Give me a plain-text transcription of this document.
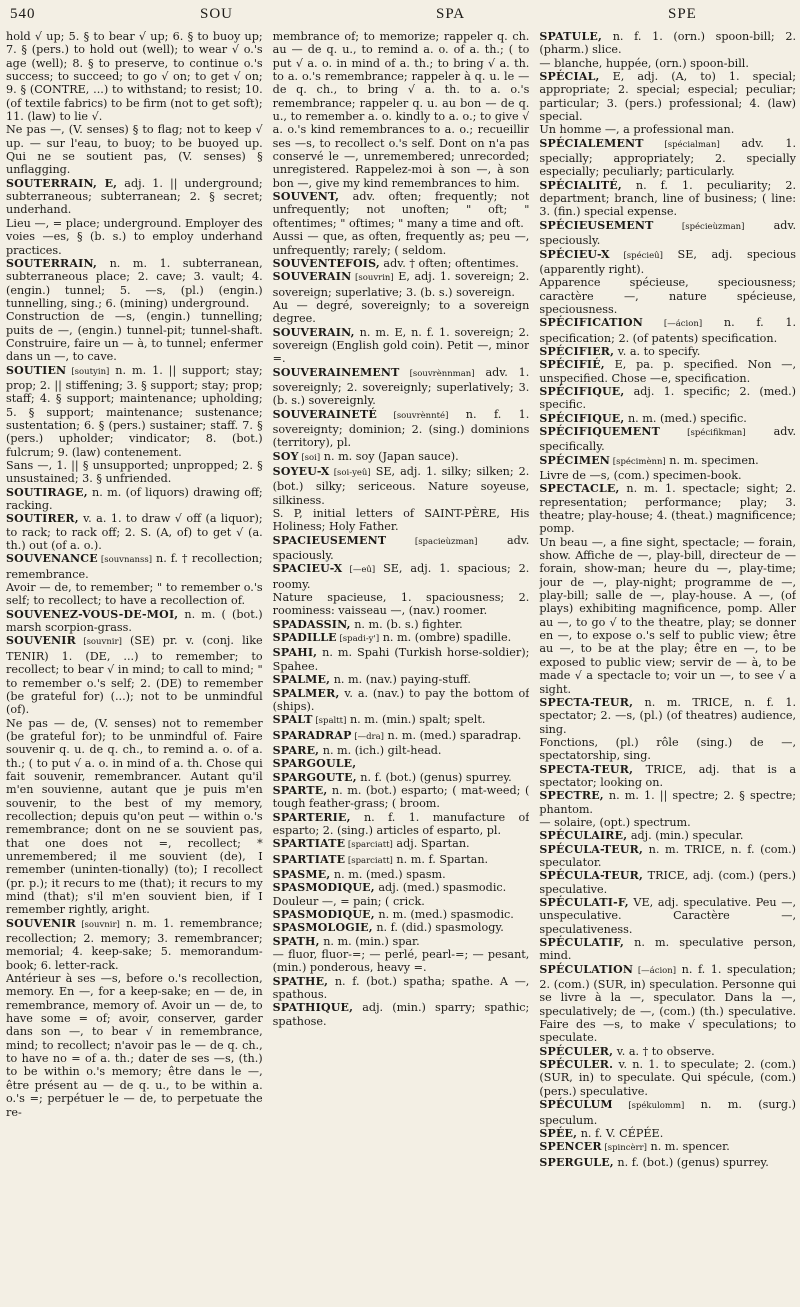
540	SOU	SPA	SPE

hold √ up; 5. § to bear √ up; 6. § to buoy up; 7. § (pers.) to hold out (well); to wear √ o.'s age (well); 8. § to preserve, to continue o.'s success; to succeed; to go √ on; to get √ on; 9. § (CONTRE, ...) to withstand; to resist; 10. (of textile fabrics) to be firm (not to get soft); 11. (law) to lie √.

Ne pas —, (V. senses) § to flag; not to keep √ up. — sur l'eau, to buoy; to be buoyed up. Qui ne se soutient pas, (V. senses) § unflagging.

SOUTERRAIN, E, adj. 1. || underground; subterraneous; subterranean; 2. § secret; underhand.

Lieu —, = place; underground. Employer des voies —es, § (b. s.) to employ underhand practices.

SOUTERRAIN, n. m. 1. subterranean, subterraneous place; 2. cave; 3. vault; 4. (engin.) tunnel; 5. —s, (pl.) (engin.) tunnelling, sing.; 6. (mining) underground.

Construction de —s, (engin.) tunnelling; puits de —, (engin.) tunnel-pit; tunnel-shaft. Construire, faire un — à, to tunnel; enfermer dans un —, to cave.

SOUTIEN [soutyin] n. m. 1. || support; stay; prop; 2. || stiffening; 3. § support; stay; prop; staff; 4. § support; maintenance; upholding; 5. § support; maintenance; sustenance; sustentation; 6. § (pers.) sustainer; staff. 7. § (pers.) upholder; vindicator; 8. (bot.) fulcrum; 9. (law) contenement.

Sans —, 1. || § unsupported; unpropped; 2. § unsustained; 3. § unfriended.

SOUTIRAGE, n. m. (of liquors) drawing off; racking.

SOUTIRER, v. a. 1. to draw √ off (a liquor); to rack; to rack off; 2. S. (A, of) to get √ (a. th.) out (of a. o.).

SOUVENANCE [souvnanss] n. f. † recollection; remembrance.

Avoir — de, to remember; " to remember o.'s self; to recollect; to have a recollection of.

SOUVENEZ-VOUS-DE-MOI, n. m. ( (bot.) marsh scorpion-grass.

SOUVENIR [souvnir] (SE) pr. v. (conj. like TENIR) 1. (DE, ...) to remember; to recollect; to bear √ in mind; to call to mind; " to remember o.'s self; 2. (DE) to remember (be grateful for) (...); not to be unmindful (of).

Ne pas — de, (V. senses) not to remember (be grateful for); to be unmindful of. Faire souvenir q. u. de q. ch., to remind a. o. of a. th.; ( to put √ a. o. in mind of a. th. Chose qui fait souvenir, remembrancer. Autant qu'il m'en souvienne, autant que je puis m'en souvenir, to the best of my memory, recollection; depuis qu'on peut — within o.'s remembrance; dont on ne se souvient pas, that one does not =, recollect; * unremembered; il me souvient (de), I remember (uninten-tionally) (to); I recollect (pr. p.); it recurs to me (that); it recurs to my mind (that); s'il m'en souvient bien, if I remember rightly, aright.

SOUVENIR [souvnir] n. m. 1. remembrance; recollection; 2. memory; 3. remembrancer; memorial; 4. keep-sake; 5. memorandum-book; 6. letter-rack.

Antérieur à ses —s, before o.'s recollection, memory. En —, for a keep-sake; en — de, in remembrance, memory of. Avoir un — de, to have some = of; avoir, conserver, garder dans son —, to bear √ in remembrance, mind; to recollect; n'avoir pas le — de q. ch., to have no = of a. th.; dater de ses —s, (th.) to be within o.'s memory; être dans le —, être présent au — de q. u., to be within a. o.'s =; perpétuer le — de, to perpetuate the re-

membrance of; to memorize; rappeler q. ch. au — de q. u., to remind a. o. of a. th.; ( to put √ a. o. in mind of a. th.; to bring √ a. th. to a. o.'s remembrance; rappeler à q. u. le — de q. ch., to bring √ a. th. to a. o.'s remembrance; rappeler q. u. au bon — de q. u., to remember a. o. kindly to a. o.; to give √ a. o.'s kind remembrances to a. o.; recueillir ses —s, to recollect o.'s self. Dont on n'a pas conservé le —, unremembered; unrecorded; unregistered. Rappelez-moi à son —, à son bon —, give my kind remembrances to him.

SOUVENT, adv. often; frequently; not unfrequently; not unoften; " oft; " oftentimes; " oftimes; " many a time and oft.

Aussi — que, as often, frequently as; peu —, unfrequently; rarely; ( seldom.

SOUVENTEFOIS, adv. † often; oftentimes.

SOUVERAIN [souvrin] E, adj. 1. sovereign; 2. sovereign; superlative; 3. (b. s.) sovereign.

Au — degré, sovereignly; to a sovereign degree.

SOUVERAIN, n. m. E, n. f. 1. sovereign; 2. sovereign (English gold coin). Petit —, minor =.

SOUVERAINEMENT [souvrènnman] adv. 1. sovereignly; 2. sovereignly; superlatively; 3. (b. s.) sovereignly.

SOUVERAINETÉ [souvrènnté] n. f. 1. sovereignty; dominion; 2. (sing.) dominions (territory), pl.

SOY [soi] n. m. soy (Japan sauce).

SOYEU-X [soi-yeû] SE, adj. 1. silky; silken; 2. (bot.) silky; sericeous. Nature soyeuse, silkiness.

S. P, initial letters of SAINT-PÈRE, His Holiness; Holy Father.

SPACIEUSEMENT [spacieùzman] adv. spaciously.

SPACIEU-X [—eû] SE, adj. 1. spacious; 2. roomy.

Nature spacieuse, 1. spaciousness; 2. roominess: vaisseau —, (nav.) roomer.

SPADASSIN, n. m. (b. s.) fighter.

SPADILLE [spadi-y'] n. m. (ombre) spadille.

SPAHI, n. m. Spahi (Turkish horse-soldier); Spahee.

SPALME, n. m. (nav.) paying-stuff.

SPALMER, v. a. (nav.) to pay the bottom of (ships).

SPALT [spaltt] n. m. (min.) spalt; spelt.

SPARADRAP [—dra] n. m. (med.) sparadrap.

SPARE, n. m. (ich.) gilt-head.

SPARGOULE,

SPARGOUTE, n. f. (bot.) (genus) spurrey.

SPARTE, n. m. (bot.) esparto; ( mat-weed; ( tough feather-grass; ( broom.

SPARTERIE, n. f. 1. manufacture of esparto; 2. (sing.) articles of esparto, pl.

SPARTIATE [sparciatt] adj. Spartan.

SPARTIATE [sparciatt] n. m. f. Spartan.

SPASME, n. m. (med.) spasm.

SPASMODIQUE, adj. (med.) spasmodic.

Douleur —, = pain; ( crick.

SPASMODIQUE, n. m. (med.) spasmodic.

SPASMOLOGIE, n. f. (did.) spasmology.

SPATH, n. m. (min.) spar.

— fluor, fluor-=; — perlé, pearl-=; — pesant, (min.) ponderous, heavy =.

SPATHE, n. f. (bot.) spatha; spathe. A —, spathous.

SPATHIQUE, adj. (min.) sparry; spathic; spathose.

SPATULE, n. f. 1. (orn.) spoon-bill; 2. (pharm.) slice.

— blanche, huppée, (orn.) spoon-bill.

SPÉCIAL, E, adj. (A, to) 1. special; appropriate; 2. special; especial; peculiar; particular; 3. (pers.) professional; 4. (law) special.

Un homme —, a professional man.

SPÉCIALEMENT [spécialman] adv. 1. specially; appropriately; 2. specially especially; peculiarly; particularly.

SPÉCIALITÉ, n. f. 1. peculiarity; 2. department; branch, line of business; ( line: 3. (fin.) special expense.

SPÉCIEUSEMENT [spécieùzman] adv. speciously.

SPÉCIEU-X [spécieû] SE, adj. specious (apparently right).

Apparence spécieuse, speciousness; caractère —, nature spécieuse, speciousness.

SPÉCIFICATION [—ácion] n. f. 1. specification; 2. (of patents) specification.

SPÉCIFIER, v. a. to specify.

SPÉCIFIÉ, E, pa. p. specified. Non —, unspecified. Chose —e, specification.

SPÉCIFIQUE, adj. 1. specific; 2. (med.) specific.

SPÉCIFIQUE, n. m. (med.) specific.

SPÉCIFIQUEMENT [spécifikman] adv. specifically.

SPÉCIMEN [spécimènn] n. m. specimen.

Livre de —s, (com.) specimen-book.

SPECTACLE, n. m. 1. spectacle; sight; 2. representation; performance; play; 3. theatre; play-house; 4. (theat.) magnificence; pomp.

Un beau —, a fine sight, spectacle; — forain, show. Affiche de —, play-bill, directeur de — forain, show-man; heure du —, play-time; jour de —, play-night; programme de —, play-bill; salle de —, play-house. A —, (of plays) exhibiting magnificence, pomp. Aller au —, to go √ to the theatre, play; se donner en —, to expose o.'s self to public view; être au —, to be at the play; être en —, to be exposed to public view; servir de — à, to be made √ a spectacle to; voir un —, to see √ a sight.

SPECTA-TEUR, n. m. TRICE, n. f. 1. spectator; 2. —s, (pl.) (of theatres) audience, sing.

Fonctions, (pl.) rôle (sing.) de —, spectatorship, sing.

SPECTA-TEUR, TRICE, adj. that is a spectator; looking on.

SPECTRE, n. m. 1. || spectre; 2. § spectre; phantom.

— solaire, (opt.) spectrum.

SPÉCULAIRE, adj. (min.) specular.

SPÉCULA-TEUR, n. m. TRICE, n. f. (com.) speculator.

SPÉCULA-TEUR, TRICE, adj. (com.) (pers.) speculative.

SPÉCULATI-F, VE, adj. speculative. Peu —, unspeculative. Caractère —, speculativeness.

SPÉCULATIF, n. m. speculative person, mind.

SPÉCULATION [—ácion] n. f. 1. speculation; 2. (com.) (SUR, in) speculation. Personne qui se livre à la —, speculator. Dans la —, speculatively; de —, (com.) (th.) speculative. Faire des —s, to make √ speculations; to speculate.

SPÉCULER, v. a. † to observe.

SPÉCULER. v. n. 1. to speculate; 2. (com.) (SUR, in) to speculate. Qui spécule, (com.) (pers.) speculative.

SPÉCULUM [spékulomm] n. m. (surg.) speculum.

SPÉE, n. f. V. CÉPÉE.

SPENCER [spincèrr] n. m. spencer.

SPERGULE, n. f. (bot.) (genus) spurrey.
